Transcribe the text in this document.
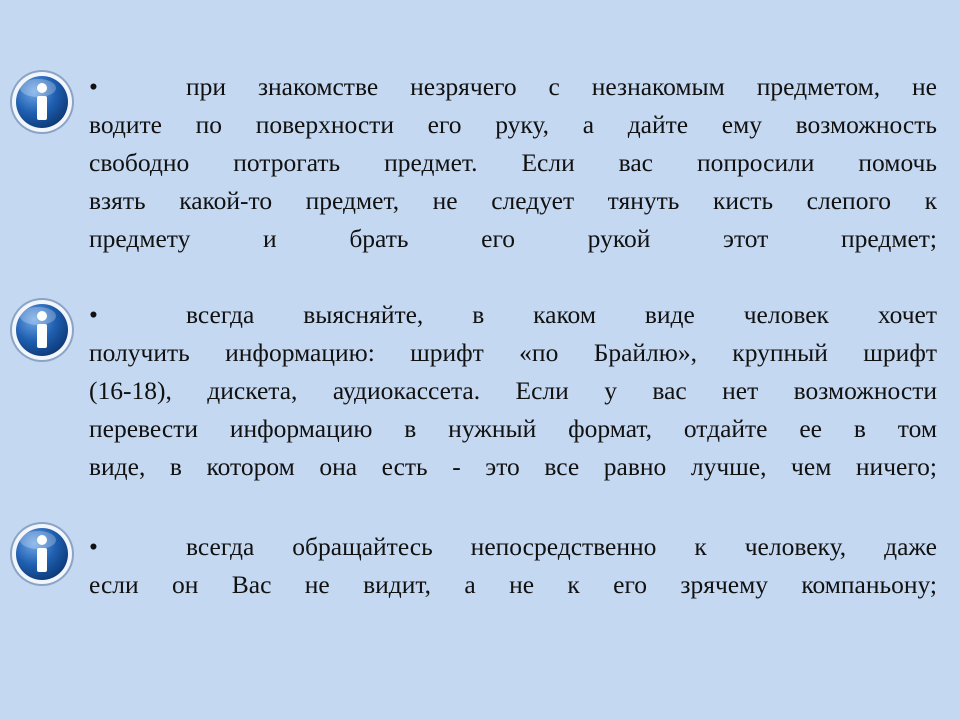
•	при знакомстве незрячего с незнакомым предметом, не
водите по поверхности его руку, а дайте ему возможность
свободно потрогать предмет. Если вас попросили помочь
взять какой-то предмет, не следует тянуть кисть слепого к
предмету и брать его рукой этот предмет;
•	всегда выясняйте, в каком виде человек хочет
получить информацию: шрифт «по Брайлю», крупный шрифт
(16-18), дискета, аудиокассета. Если у вас нет возможности
перевести информацию в нужный формат, отдайте ее в том
виде, в котором она есть - это все равно лучше, чем ничего;
•	всегда обращайтесь непосредственно к человеку, даже
если он Вас не видит, а не к его зрячему компаньону;
